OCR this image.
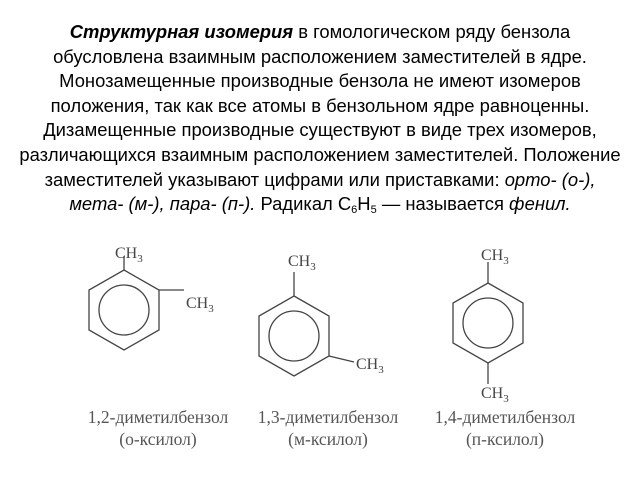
Структурная изомерия в гомологическом ряду бензола обусловлена взаимным расположением заместителей в ядре. Монозамещенные производные бензола не имеют изомеров положения, так как все атомы в бензольном ядре равноценны. Дизамещенные производные существуют в виде трех изомеров, различающихся взаимным расположением заместителей. Положение заместителей указывают цифрами или приставками: орто- (о-), мета- (м-), пара- (п-). Радикал $C_6H_5$ — называется фенил.
$CH_3$
$CH_3$
$CH_3$
$CH_3$
$CH_3$
$CH_3$
1,2-диметилбензол
(о-ксилол)
1,3-диметилбензол
(м-ксилол)
1,4-диметилбензол
(п-ксилол)
